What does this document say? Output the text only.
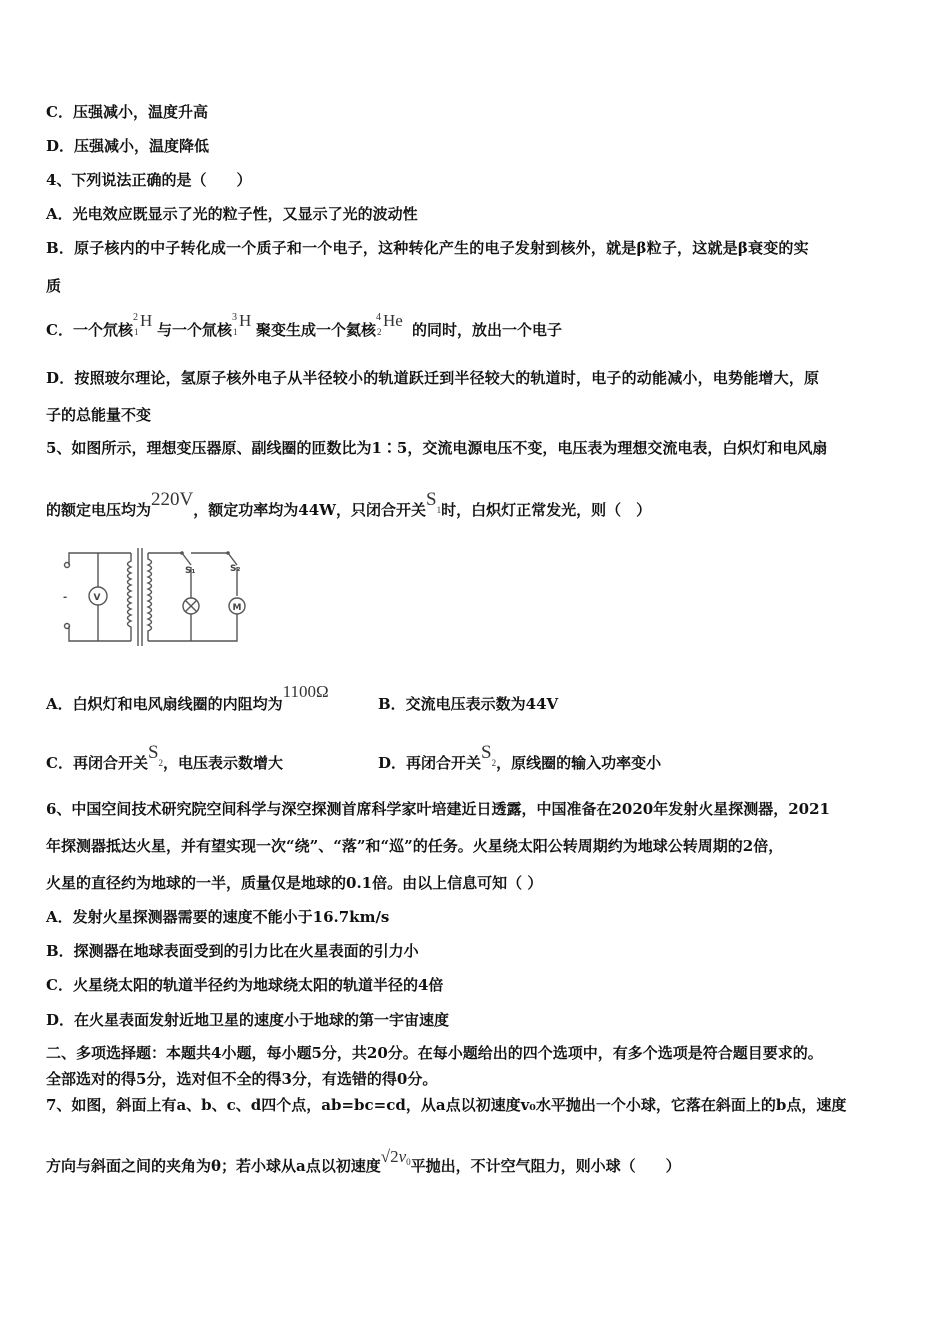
C．压强减小，温度升高
D．压强减小，温度降低
4、下列说法正确的是（　　）
A．光电效应既显示了光的粒子性，又显示了光的波动性
B．原子核内的中子转化成一个质子和一个电子，这种转化产生的电子发射到核外，就是β粒子，这就是β衰变的实
质
C．一个氘核
2
1
H 与一个氚核
3
1
H 聚变生成一个氦核
4
2
He 的同时，放出一个电子
D．按照玻尔理论，氢原子核外电子从半径较小的轨道跃迁到半径较大的轨道时，电子的动能减小，电势能增大，原
子的总能量不变
5、如图所示，理想变压器原、副线圈的匝数比为1∶5，交流电源电压不变，电压表为理想交流电表，白炽灯和电风扇
的额定电压均为220V，额定功率均为44W，只闭合开关S1时，白炽灯正常发光，则（　）
V
M
S₁	S₂
-
A．白炽灯和电风扇线圈的内阻均为1100Ω
B．交流电压表示数为44V
C．再闭合开关S2，电压表示数增大	D．再闭合开关S2，原线圈的输入功率变小
6、中国空间技术研究院空间科学与深空探测首席科学家叶培建近日透露，中国准备在2020年发射火星探测器，2021
年探测器抵达火星，并有望实现一次“绕”、“落”和“巡”的任务。火星绕太阳公转周期约为地球公转周期的2倍，
火星的直径约为地球的一半，质量仅是地球的0.1倍。由以上信息可知（ ）
A．发射火星探测器需要的速度不能小于16.7km/s
B．探测器在地球表面受到的引力比在火星表面的引力小
C．火星绕太阳的轨道半径约为地球绕太阳的轨道半径的4倍
D．在火星表面发射近地卫星的速度小于地球的第一宇宙速度
二、多项选择题：本题共4小题，每小题5分，共20分。在每小题给出的四个选项中，有多个选项是符合题目要求的。
全部选对的得5分，选对但不全的得3分，有选错的得0分。
7、如图，斜面上有a、b、c、d四个点，ab=bc=cd，从a点以初速度v₀水平抛出一个小球，它落在斜面上的b点，速度
方向与斜面之间的夹角为θ；若小球从a点以初速度$√2v^0$平抛出，不计空气阻力，则小球（　　）
